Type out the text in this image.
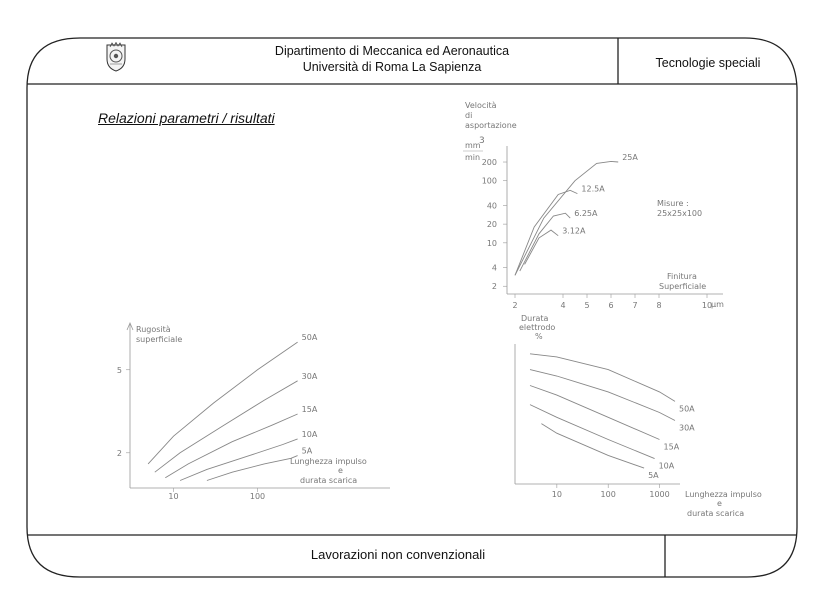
Dipartimento di Meccanica ed Aeronautica
Università di Roma La Sapienza	Tecnologie speciali
Relazioni parametri / risultati
Lavorazioni non convenzionali
Velocità
di
asportazione
mm
3
min
200
100
40
20
10
4
2
2	4 5 6 7 8	10
25A
12.5A
6.25A
3.12A
µm
Finitura
Superficiale
Misure :
25x25x100
Rugosità
superficiale
5
2
10	100
50A
30A
15A
10A
5A
Lunghezza impulso
e
durata scarica
Durata
elettrodo
%
10	100	1000
50A
30A
15A
10A
5A
Lunghezza impulso
e
durata scarica
